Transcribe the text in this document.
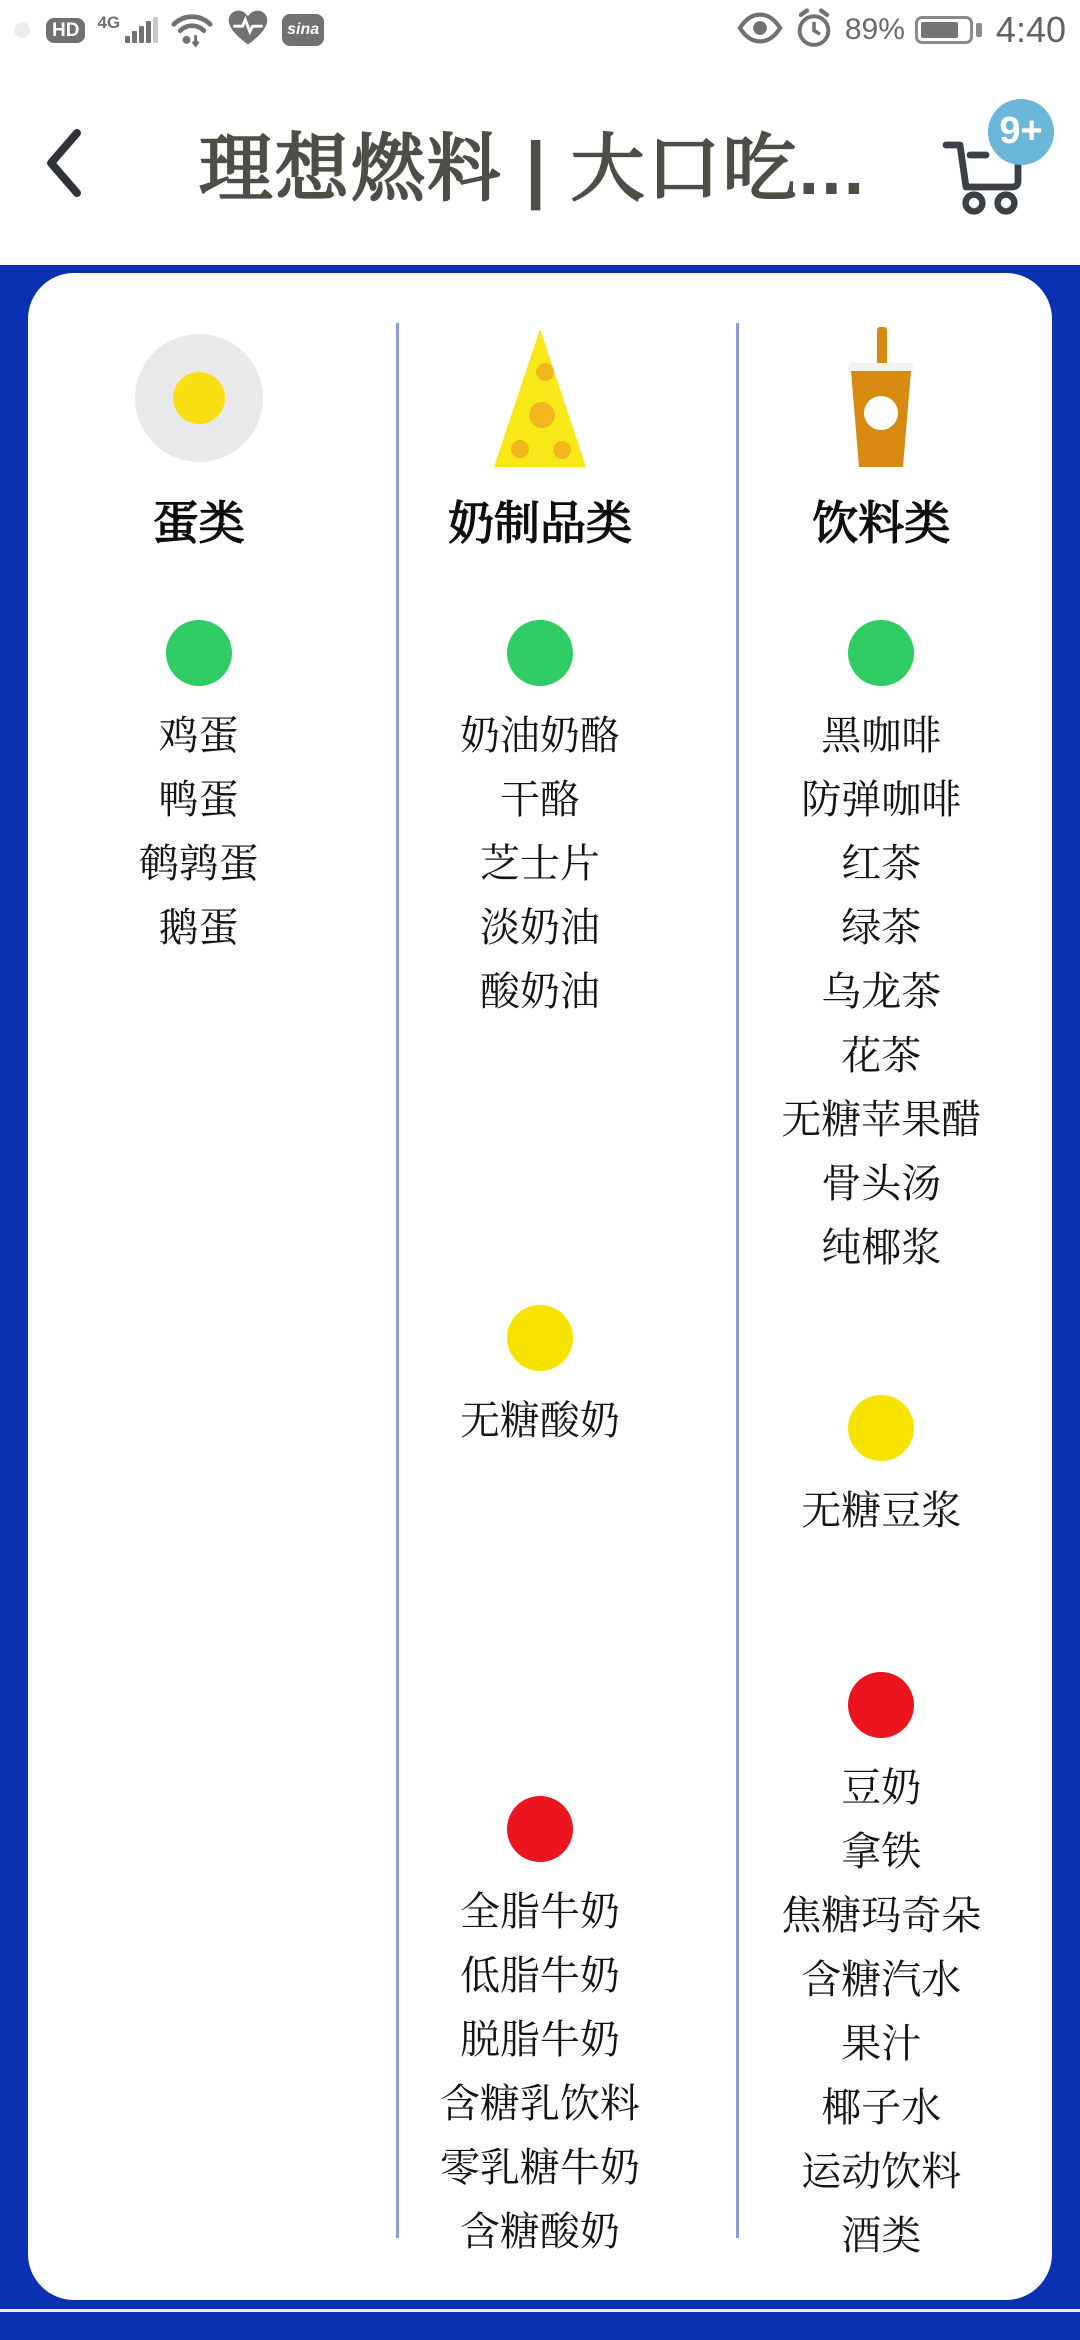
HD	4G	sina	89%	4:40
理想燃料 | 大口吃...	9+
蛋类
鸡蛋
鸭蛋
鹌鹑蛋
鹅蛋
奶制品类
奶油奶酪
干酪
芝士片
淡奶油
酸奶油
无糖酸奶
全脂牛奶
低脂牛奶
脱脂牛奶
含糖乳饮料
零乳糖牛奶
含糖酸奶
饮料类
黑咖啡
防弹咖啡
红茶
绿茶
乌龙茶
花茶
无糖苹果醋
骨头汤
纯椰浆
无糖豆浆
豆奶
拿铁
焦糖玛奇朵
含糖汽水
果汁
椰子水
运动饮料
酒类
